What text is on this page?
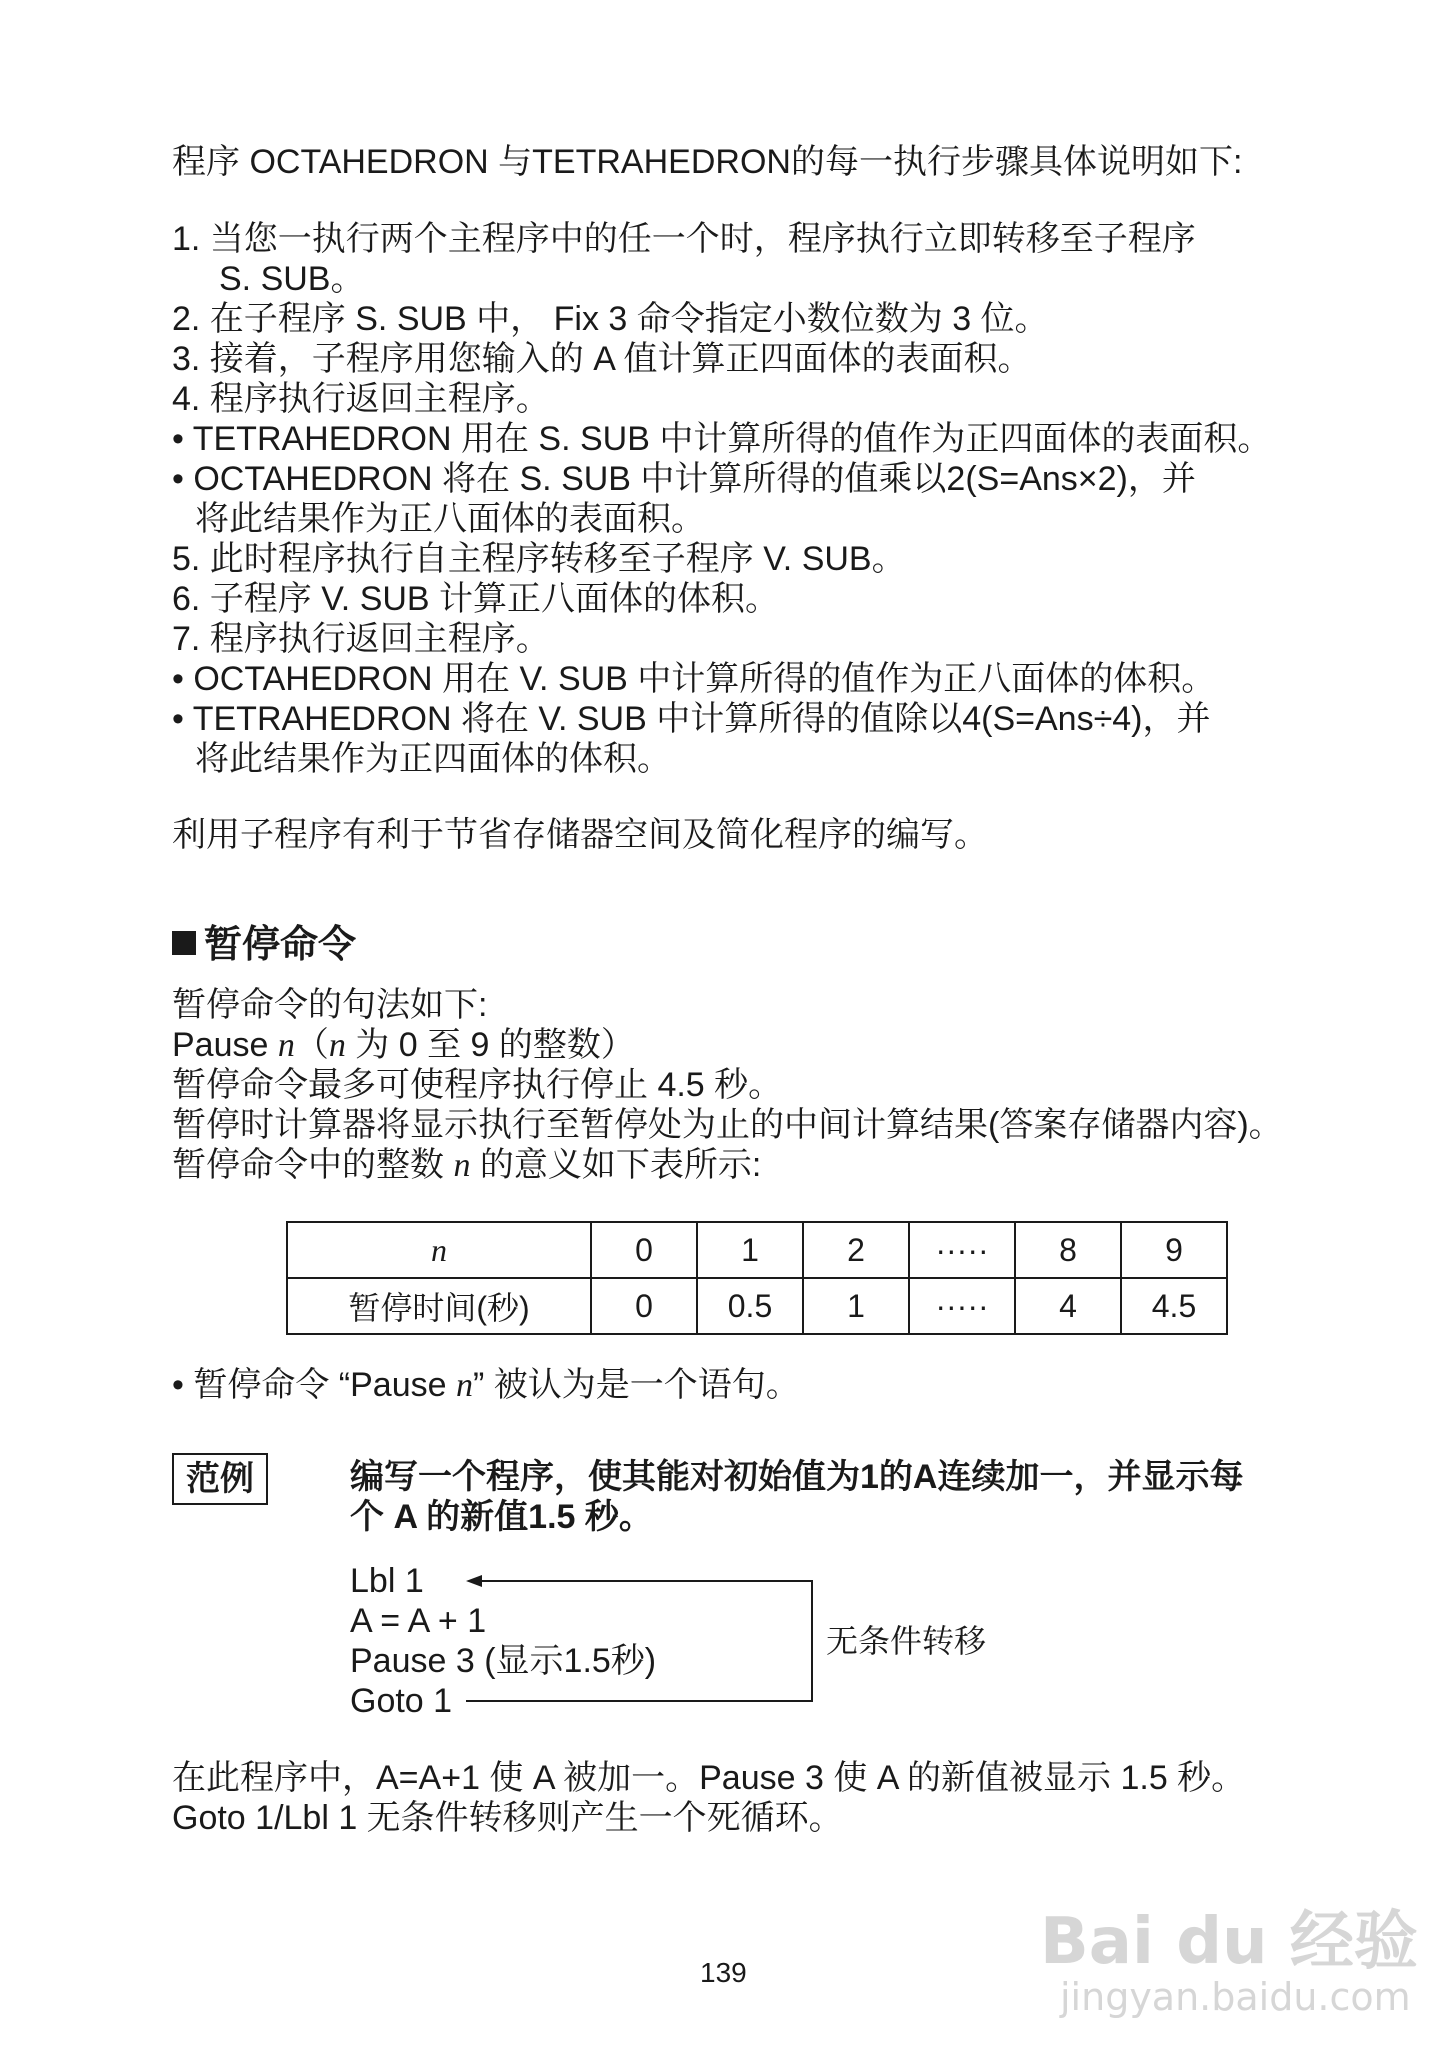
程序 OCTAHEDRON 与TETRAHEDRON的每一执行步骤具体说明如下:
1. 当您一执行两个主程序中的任一个时，程序执行立即转移至子程序
S. SUB。
2. 在子程序 S. SUB 中， Fix 3 命令指定小数位数为 3 位。
3. 接着，子程序用您输入的 A 值计算正四面体的表面积。
4. 程序执行返回主程序。
• TETRAHEDRON 用在 S. SUB 中计算所得的值作为正四面体的表面积。
• OCTAHEDRON 将在 S. SUB 中计算所得的值乘以2(S=Ans×2)，并
将此结果作为正八面体的表面积。
5. 此时程序执行自主程序转移至子程序 V. SUB。
6. 子程序 V. SUB 计算正八面体的体积。
7. 程序执行返回主程序。
• OCTAHEDRON 用在 V. SUB 中计算所得的值作为正八面体的体积。
• TETRAHEDRON 将在 V. SUB 中计算所得的值除以4(S=Ans÷4)，并
将此结果作为正四面体的体积。
利用子程序有利于节省存储器空间及简化程序的编写。
暂停命令
暂停命令的句法如下:
Pause n（n 为 0 至 9 的整数）
暂停命令最多可使程序执行停止 4.5 秒。
暂停时计算器将显示执行至暂停处为止的中间计算结果(答案存储器内容)。
暂停命令中的整数 n 的意义如下表所示:
n	0	1	2	·····	8	9
暂停时间(秒)	0	0.5	1	·····	4	4.5
• 暂停命令 “Pause n” 被认为是一个语句。
范例	编写一个程序，使其能对初始值为1的A连续加一，并显示每
个 A 的新值1.5 秒。
Lbl 1
A = A + 1
Pause 3 (显示1.5秒)
Goto 1
无条件转移
在此程序中，A=A+1 使 A 被加一。Pause 3 使 A 的新值被显示 1.5 秒。
Goto 1/Lbl 1 无条件转移则产生一个死循环。
139	Bai du 经验
jingyan.baidu.com
